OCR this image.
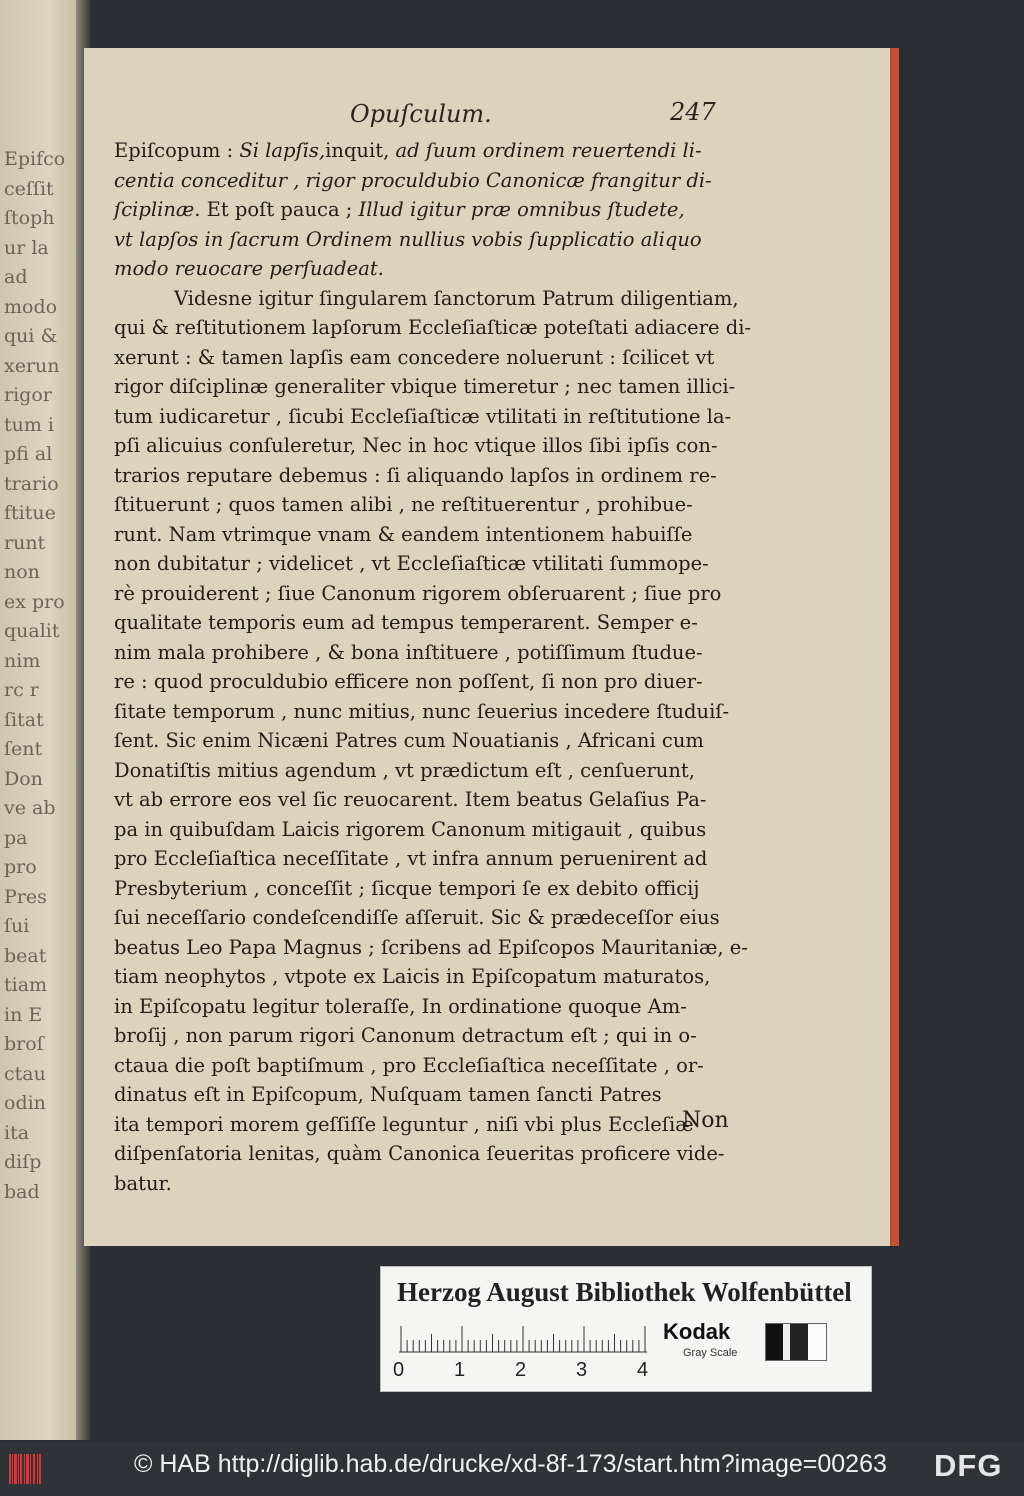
Epifco
ceſſit
ſtoph
ur la
ad
modo
qui &
xerun
rigor
tum i
pfi al
trario
ftitue
runt
non
ex pro
qualit
nim
rc r
ſitat
ſent
Don
ve ab
pa
pro
Pres
ſui
beat
tiam
in E
broſ
ctau
odin
ita
diſp
bad
Opuſculum.	247
Epiſcopum : Si lapſis,inquit, ad ſuum ordinem reuertendi li-
centia conceditur , rigor proculdubio Canonicæ frangitur di-
ſciplinæ. Et poſt pauca ; Illud igitur præ omnibus ſtudete,
vt lapſos in ſacrum Ordinem nullius vobis ſupplicatio aliquo
modo reuocare perſuadeat.
Videsne igitur ſingularem ſanctorum Patrum diligentiam,
qui & reſtitutionem lapſorum Eccleſiaſticæ poteſtati adiacere di-
xerunt : & tamen lapſis eam concedere noluerunt : ſcilicet vt
rigor diſciplinæ generaliter vbique timeretur ; nec tamen illici-
tum iudicaretur , ſicubi Eccleſiaſticæ vtilitati in reſtitutione la-
pſi alicuius conſuleretur, Nec in hoc vtique illos ſibi ipſis con-
trarios reputare debemus : ſi aliquando lapſos in ordinem re-
ſtituerunt ; quos tamen alibi , ne reſtituerentur , prohibue-
runt. Nam vtrimque vnam & eandem intentionem habuiſſe
non dubitatur ; videlicet , vt Eccleſiaſticæ vtilitati ſummope-
rè prouiderent ; ſiue Canonum rigorem obſeruarent ; ſiue pro
qualitate temporis eum ad tempus temperarent. Semper e-
nim mala prohibere , & bona inſtituere , potiſſimum ſtudue-
re : quod proculdubio efficere non poſſent, ſi non pro diuer-
ſitate temporum , nunc mitius, nunc ſeuerius incedere ſtuduiſ-
ſent. Sic enim Nicæni Patres cum Nouatianis , Africani cum
Donatiſtis mitius agendum , vt prædictum eſt , cenſuerunt,
vt ab errore eos vel ſic reuocarent. Item beatus Gelaſius Pa-
pa in quibuſdam Laicis rigorem Canonum mitigauit , quibus
pro Eccleſiaſtica neceſſitate , vt infra annum peruenirent ad
Presbyterium , conceſſit ; ſicque tempori ſe ex debito officij
ſui neceſſario condeſcendiſſe aſſeruit. Sic & prædeceſſor eius
beatus Leo Papa Magnus ; ſcribens ad Epiſcopos Mauritaniæ, e-
tiam neophytos , vtpote ex Laicis in Epiſcopatum maturatos,
in Epiſcopatu legitur toleraſſe, In ordinatione quoque Am-
broſij , non parum rigori Canonum detractum eſt ; qui in o-
ctaua die poſt baptiſmum , pro Eccleſiaſtica neceſſitate , or-
dinatus eſt in Epiſcopum, Nuſquam tamen ſancti Patres
ita tempori morem geſſiſſe leguntur , niſi vbi plus Eccleſiæ
diſpenſatoria lenitas, quàm Canonica ſeueritas proficere vide-
batur.
Non
Herzog August Bibliothek Wolfenbüttel
Kodak
Gray Scale
0 1 2 3 4
© HAB http://diglib.hab.de/drucke/xd-8f-173/start.htm?image=00263 DFG
